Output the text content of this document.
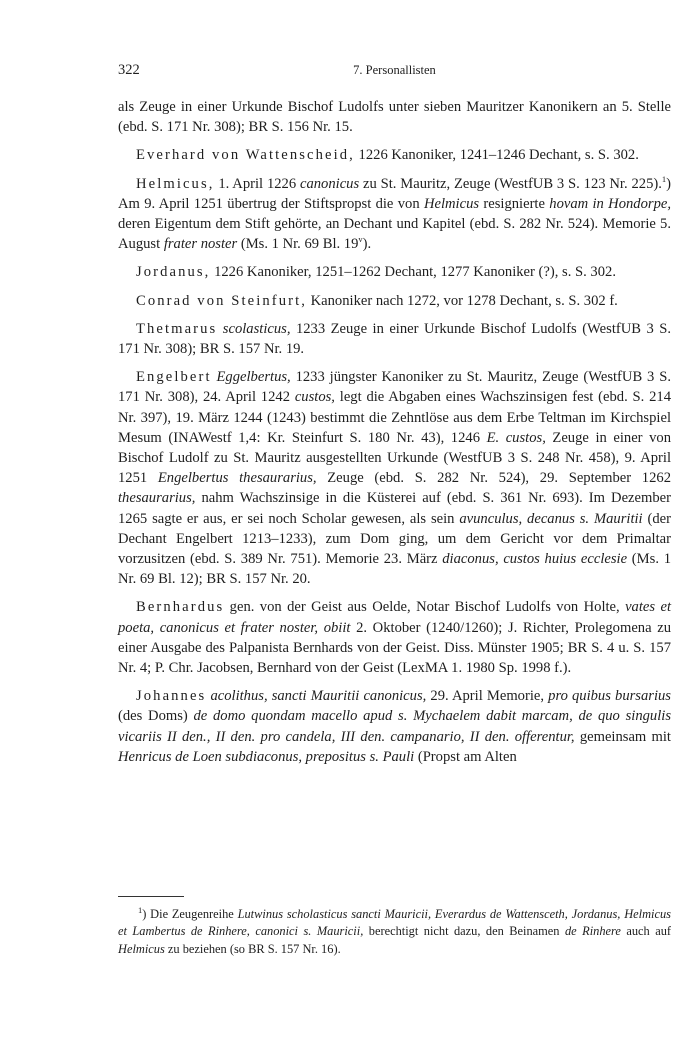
322	7. Personallisten

als Zeuge in einer Urkunde Bischof Ludolfs unter sieben Mauritzer Kanonikern an 5. Stelle (ebd. S. 171 Nr. 308); BR S. 156 Nr. 15.

Everhard von Wattenscheid, 1226 Kanoniker, 1241–1246 Dechant, s. S. 302.

Helmicus, 1. April 1226 canonicus zu St. Mauritz, Zeuge (WestfUB 3 S. 123 Nr. 225).$^1$) Am 9. April 1251 übertrug der Stiftspropst die von Helmicus resignierte hovam in Hondorpe, deren Eigentum dem Stift gehörte, an Dechant und Kapitel (ebd. S. 282 Nr. 524). Memorie 5. August frater noster (Ms. 1 Nr. 69 Bl. 19$^v$).

Jordanus, 1226 Kanoniker, 1251–1262 Dechant, 1277 Kanoniker (?), s. S. 302.

Conrad von Steinfurt, Kanoniker nach 1272, vor 1278 Dechant, s. S. 302 f.

Thetmarus scolasticus, 1233 Zeuge in einer Urkunde Bischof Ludolfs (WestfUB 3 S. 171 Nr. 308); BR S. 157 Nr. 19.

Engelbert Eggelbertus, 1233 jüngster Kanoniker zu St. Mauritz, Zeuge (WestfUB 3 S. 171 Nr. 308), 24. April 1242 custos, legt die Abgaben eines Wachszinsigen fest (ebd. S. 214 Nr. 397), 19. März 1244 (1243) bestimmt die Zehntlöse aus dem Erbe Teltman im Kirchspiel Mesum (INAWestf 1,4: Kr. Steinfurt S. 180 Nr. 43), 1246 E. custos, Zeuge in einer von Bischof Ludolf zu St. Mauritz ausgestellten Urkunde (WestfUB 3 S. 248 Nr. 458), 9. April 1251 Engelbertus thesaurarius, Zeuge (ebd. S. 282 Nr. 524), 29. September 1262 thesaurarius, nahm Wachszinsige in die Küsterei auf (ebd. S. 361 Nr. 693). Im Dezember 1265 sagte er aus, er sei noch Scholar gewesen, als sein avunculus, decanus s. Mauritii (der Dechant Engelbert 1213–1233), zum Dom ging, um dem Gericht vor dem Primaltar vorzusitzen (ebd. S. 389 Nr. 751). Memorie 23. März diaconus, custos huius ecclesie (Ms. 1 Nr. 69 Bl. 12); BR S. 157 Nr. 20.

Bernhardus gen. von der Geist aus Oelde, Notar Bischof Ludolfs von Holte, vates et poeta, canonicus et frater noster, obiit 2. Oktober (1240/1260); J. Richter, Prolegomena zu einer Ausgabe des Palpanista Bernhards von der Geist. Diss. Münster 1905; BR S. 4 u. S. 157 Nr. 4; P. Chr. Jacobsen, Bernhard von der Geist (LexMA 1. 1980 Sp. 1998 f.).

Johannes acolithus, sancti Mauritii canonicus, 29. April Memorie, pro quibus bursarius (des Doms) de domo quondam macello apud s. Mychaelem dabit marcam, de quo singulis vicariis II den., II den. pro candela, III den. campanario, II den. offerentur, gemeinsam mit Henricus de Loen subdiaconus, prepositus s. Pauli (Propst am Alten

$^1$) Die Zeugenreihe Lutwinus scholasticus sancti Mauricii, Everardus de Wattensceth, Jordanus, Helmicus et Lambertus de Rinhere, canonici s. Mauricii, berechtigt nicht dazu, den Beinamen de Rinhere auch auf Helmicus zu beziehen (so BR S. 157 Nr. 16).
